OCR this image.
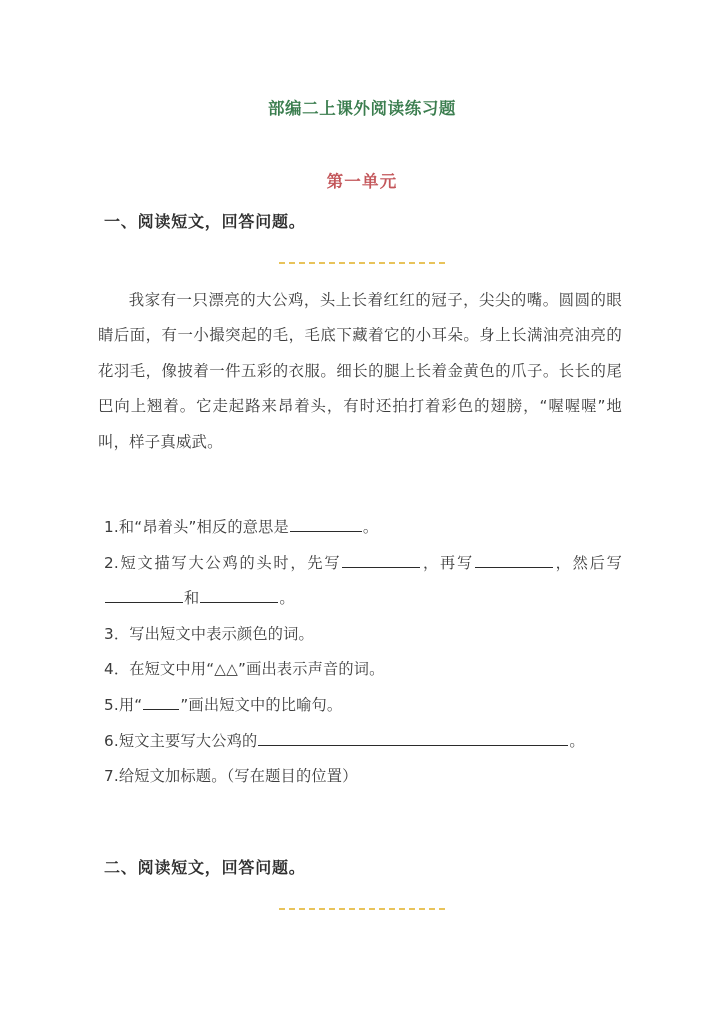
部编二上课外阅读练习题
第一单元
一、阅读短文，回答问题。

我家有一只漂亮的大公鸡，头上长着红红的冠子，尖尖的嘴。圆圆的眼睛后面，有一小撮突起的毛，毛底下藏着它的小耳朵。身上长满油亮油亮的花羽毛，像披着一件五彩的衣服。细长的腿上长着金黄色的爪子。长长的尾巴向上翘着。它走起路来昂着头，有时还拍打着彩色的翅膀，“喔喔喔”地叫，样子真威武。

1.和“昂着头”相反的意思是	。

2.短文描写大公鸡的头时，先写	，再写	，然后写和	。

3．写出短文中表示颜色的词。

4．在短文中用“△△”画出表示声音的词。

5.用“	”画出短文中的比喻句。

6.短文主要写大公鸡的	。

7.给短文加标题。（写在题目的位置）

二、阅读短文，回答问题。
